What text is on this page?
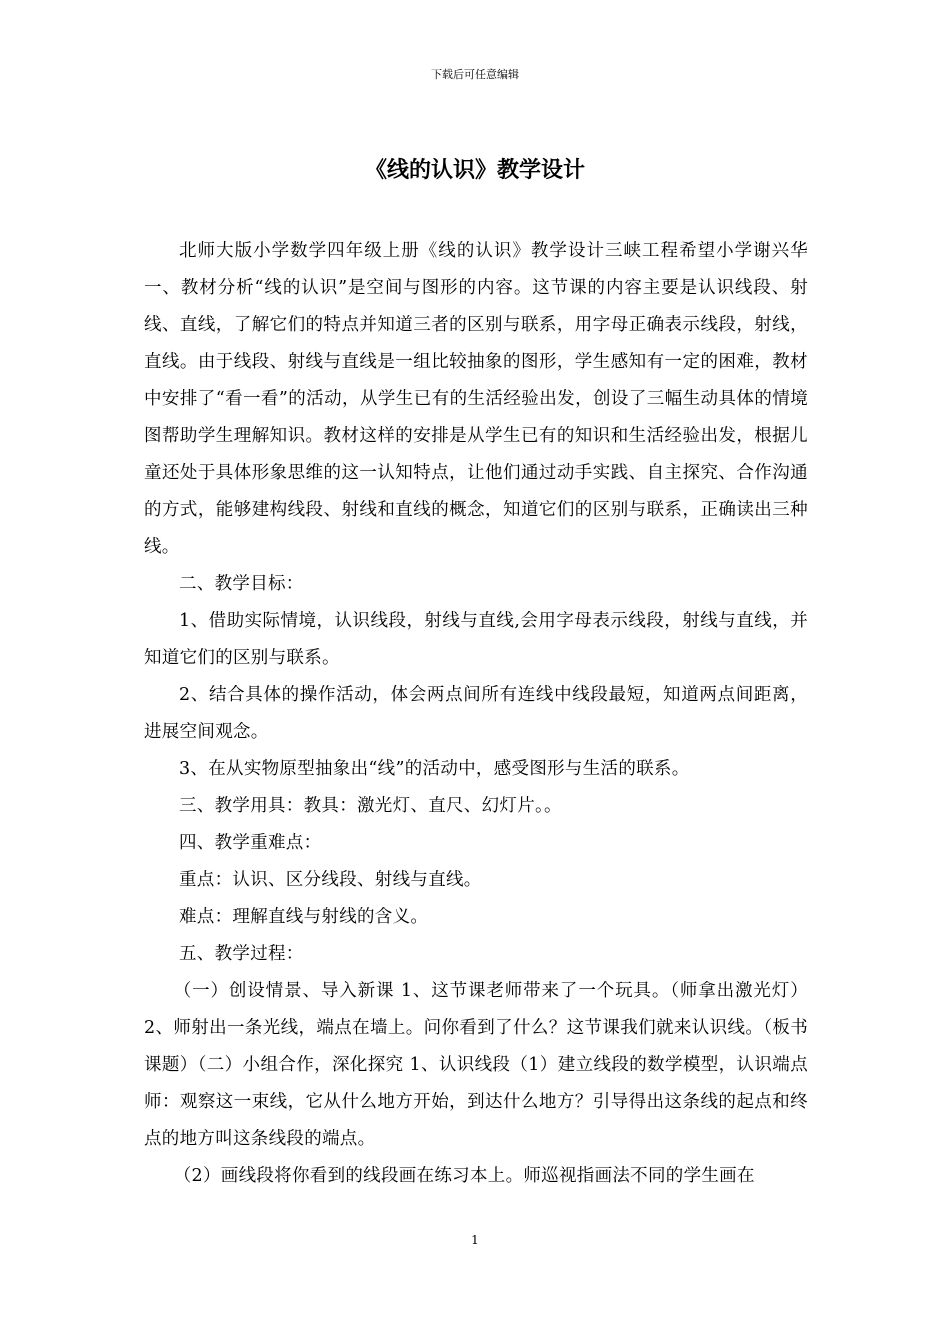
下载后可任意编辑
《线的认识》教学设计

北师大版小学数学四年级上册《线的认识》教学设计三峡工程希望小学谢兴华一、教材分析“线的认识”是空间与图形的内容。这节课的内容主要是认识线段、射线、直线，了解它们的特点并知道三者的区别与联系，用字母正确表示线段，射线，直线。由于线段、射线与直线是一组比较抽象的图形，学生感知有一定的困难，教材中安排了“看一看”的活动，从学生已有的生活经验出发，创设了三幅生动具体的情境图帮助学生理解知识。教材这样的安排是从学生已有的知识和生活经验出发，根据儿童还处于具体形象思维的这一认知特点，让他们通过动手实践、自主探究、合作沟通的方式，能够建构线段、射线和直线的概念，知道它们的区别与联系，正确读出三种线。

二、教学目标：

1、借助实际情境，认识线段，射线与直线,会用字母表示线段，射线与直线，并知道它们的区别与联系。

2、结合具体的操作活动，体会两点间所有连线中线段最短，知道两点间距离，进展空间观念。

3、在从实物原型抽象出“线”的活动中，感受图形与生活的联系。

三、教学用具：教具：激光灯、直尺、幻灯片。。

四、教学重难点：

重点：认识、区分线段、射线与直线。

难点：理解直线与射线的含义。

五、教学过程：

（一）创设情景、导入新课 1、这节课老师带来了一个玩具。（师拿出激光灯）2、师射出一条光线，端点在墙上。问你看到了什么？这节课我们就来认识线。（板书课题）（二）小组合作，深化探究 1、认识线段（1）建立线段的数学模型，认识端点师：观察这一束线，它从什么地方开始，到达什么地方？引导得出这条线的起点和终点的地方叫这条线段的端点。

（2）画线段将你看到的线段画在练习本上。师巡视指画法不同的学生画在

1
